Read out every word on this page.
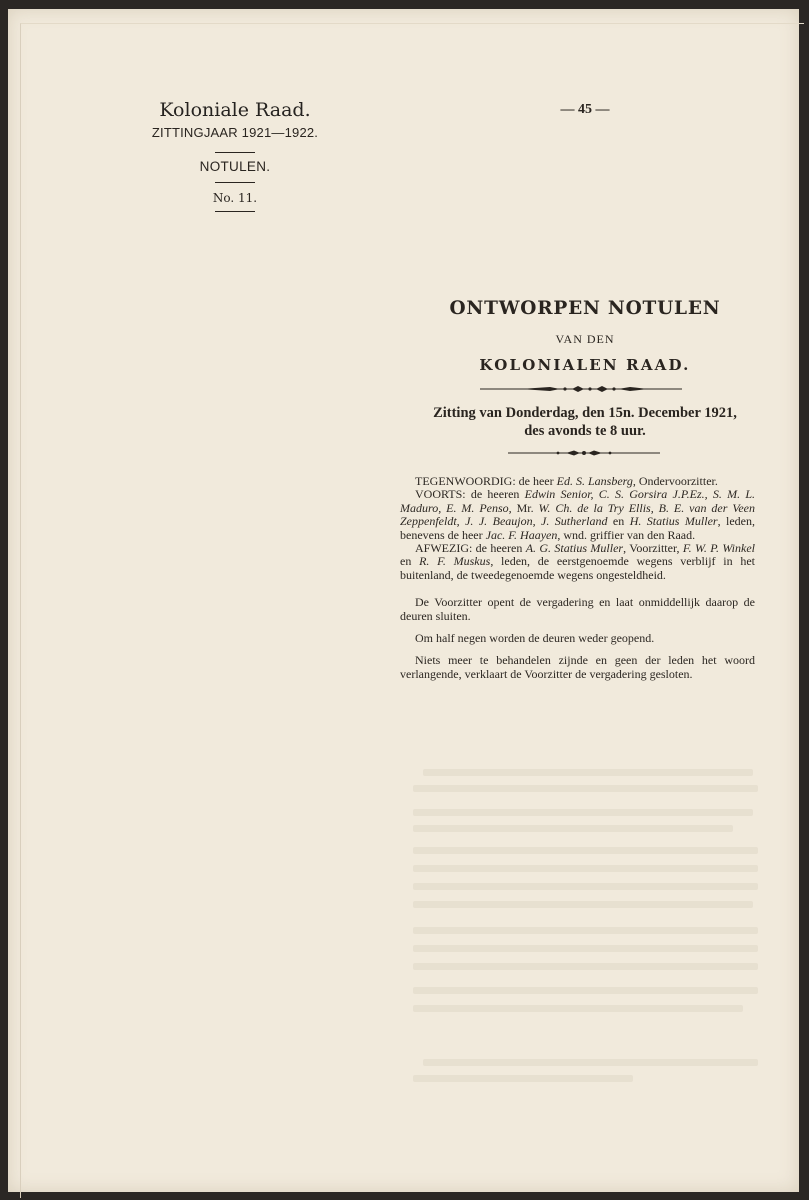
Koloniale Raad.
ZITTINGJAAR 1921—1922.
NOTULEN.
No. 11.
— 45 —
ONTWORPEN NOTULEN
VAN DEN
KOLONIALEN RAAD.
Zitting van Donderdag, den 15n. December 1921,
des avonds te 8 uur.

TEGENWOORDIG: de heer Ed. S. Lansberg, Ondervoorzitter.

VOORTS: de heeren Edwin Senior, C. S. Gorsira J.P.Ez., S. M. L. Maduro, E. M. Penso, Mr. W. Ch. de la Try Ellis, B. E. van der Veen Zeppenfeldt, J. J. Beaujon, J. Sutherland en H. Statius Muller, leden, benevens de heer Jac. F. Haayen, wnd. griffier van den Raad.

AFWEZIG: de heeren A. G. Statius Muller, Voorzitter, F. W. P. Winkel en R. F. Muskus, leden, de eerstgenoemde wegens verblijf in het buitenland, de tweedegenoemde wegens ongesteldheid.

De Voorzitter opent de vergadering en laat onmiddellijk daarop de deuren sluiten.

Om half negen worden de deuren weder geopend.

Niets meer te behandelen zijnde en geen der leden het woord verlangende, verklaart de Voorzitter de vergadering gesloten.
